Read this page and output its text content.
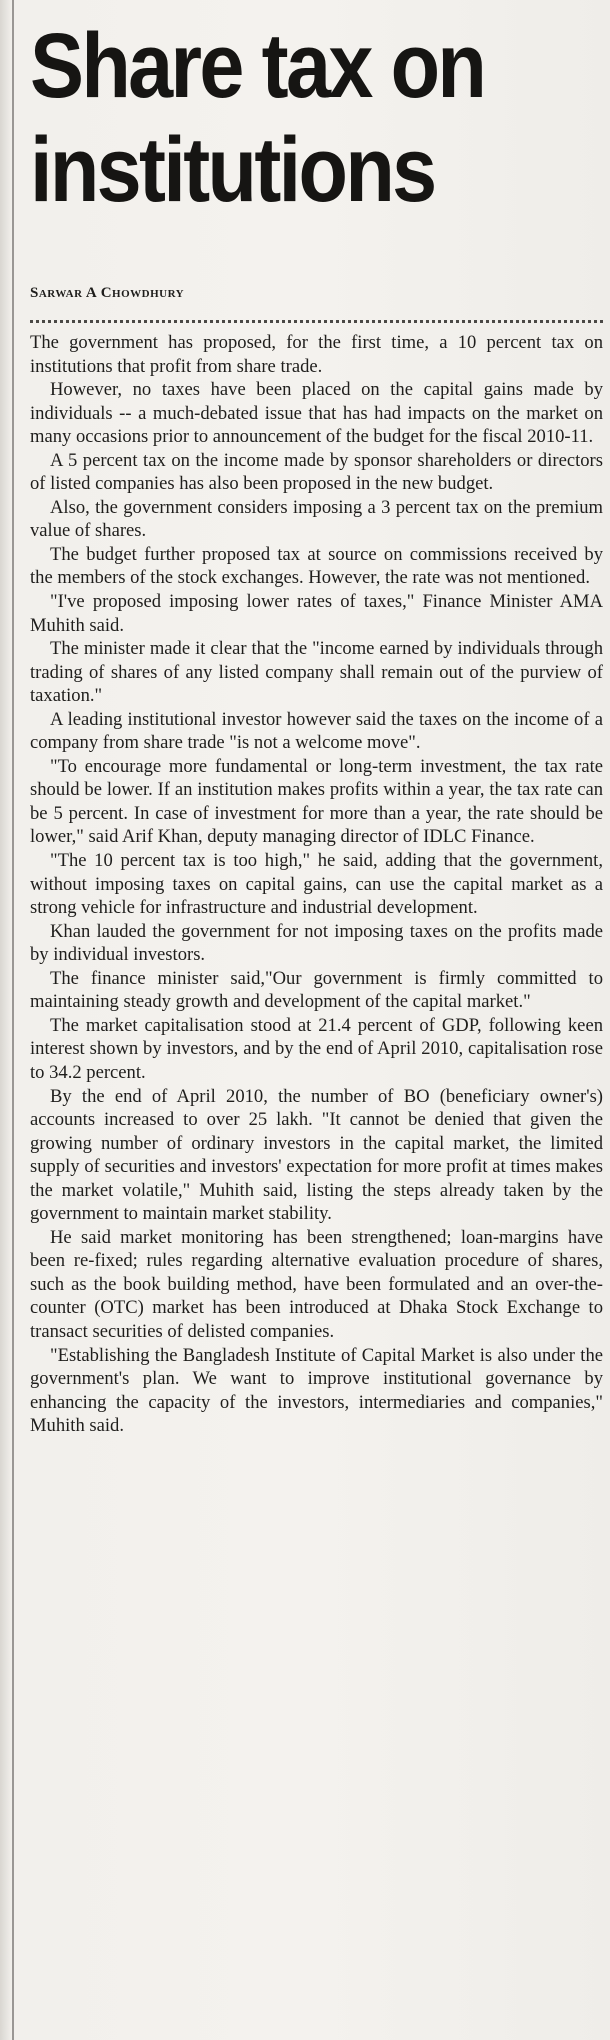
Share tax on
institutions
Sarwar A Chowdhury

The government has proposed, for the first time, a 10 percent tax on institutions that profit from share trade.

However, no taxes have been placed on the capital gains made by individuals -- a much-debated issue that has had impacts on the market on many occasions prior to announcement of the budget for the fiscal 2010-11.

A 5 percent tax on the income made by sponsor shareholders or directors of listed companies has also been proposed in the new budget.

Also, the government considers imposing a 3 percent tax on the premium value of shares.

The budget further proposed tax at source on commissions received by the members of the stock exchanges. However, the rate was not mentioned.

"I've proposed imposing lower rates of taxes," Finance Minister AMA Muhith said.

The minister made it clear that the "income earned by individuals through trading of shares of any listed company shall remain out of the purview of taxation."

A leading institutional investor however said the taxes on the income of a company from share trade "is not a welcome move".

"To encourage more fundamental or long-term investment, the tax rate should be lower. If an institution makes profits within a year, the tax rate can be 5 percent. In case of investment for more than a year, the rate should be lower," said Arif Khan, deputy managing director of IDLC Finance.

"The 10 percent tax is too high," he said, adding that the government, without imposing taxes on capital gains, can use the capital market as a strong vehicle for infrastructure and industrial development.

Khan lauded the government for not imposing taxes on the profits made by individual investors.

The finance minister said,"Our government is firmly committed to maintaining steady growth and development of the capital market."

The market capitalisation stood at 21.4 percent of GDP, following keen interest shown by investors, and by the end of April 2010, capitalisation rose to 34.2 percent.

By the end of April 2010, the number of BO (beneficiary owner's) accounts increased to over 25 lakh. "It cannot be denied that given the growing number of ordinary investors in the capital market, the limited supply of securities and investors' expectation for more profit at times makes the market volatile," Muhith said, listing the steps already taken by the government to maintain market stability.

He said market monitoring has been strengthened; loan-margins have been re-fixed; rules regarding alternative evaluation procedure of shares, such as the book building method, have been formulated and an over-the-counter (OTC) market has been introduced at Dhaka Stock Exchange to transact securities of delisted companies.

"Establishing the Bangladesh Institute of Capital Market is also under the government's plan. We want to improve institutional governance by enhancing the capacity of the investors, intermediaries and companies," Muhith said.
